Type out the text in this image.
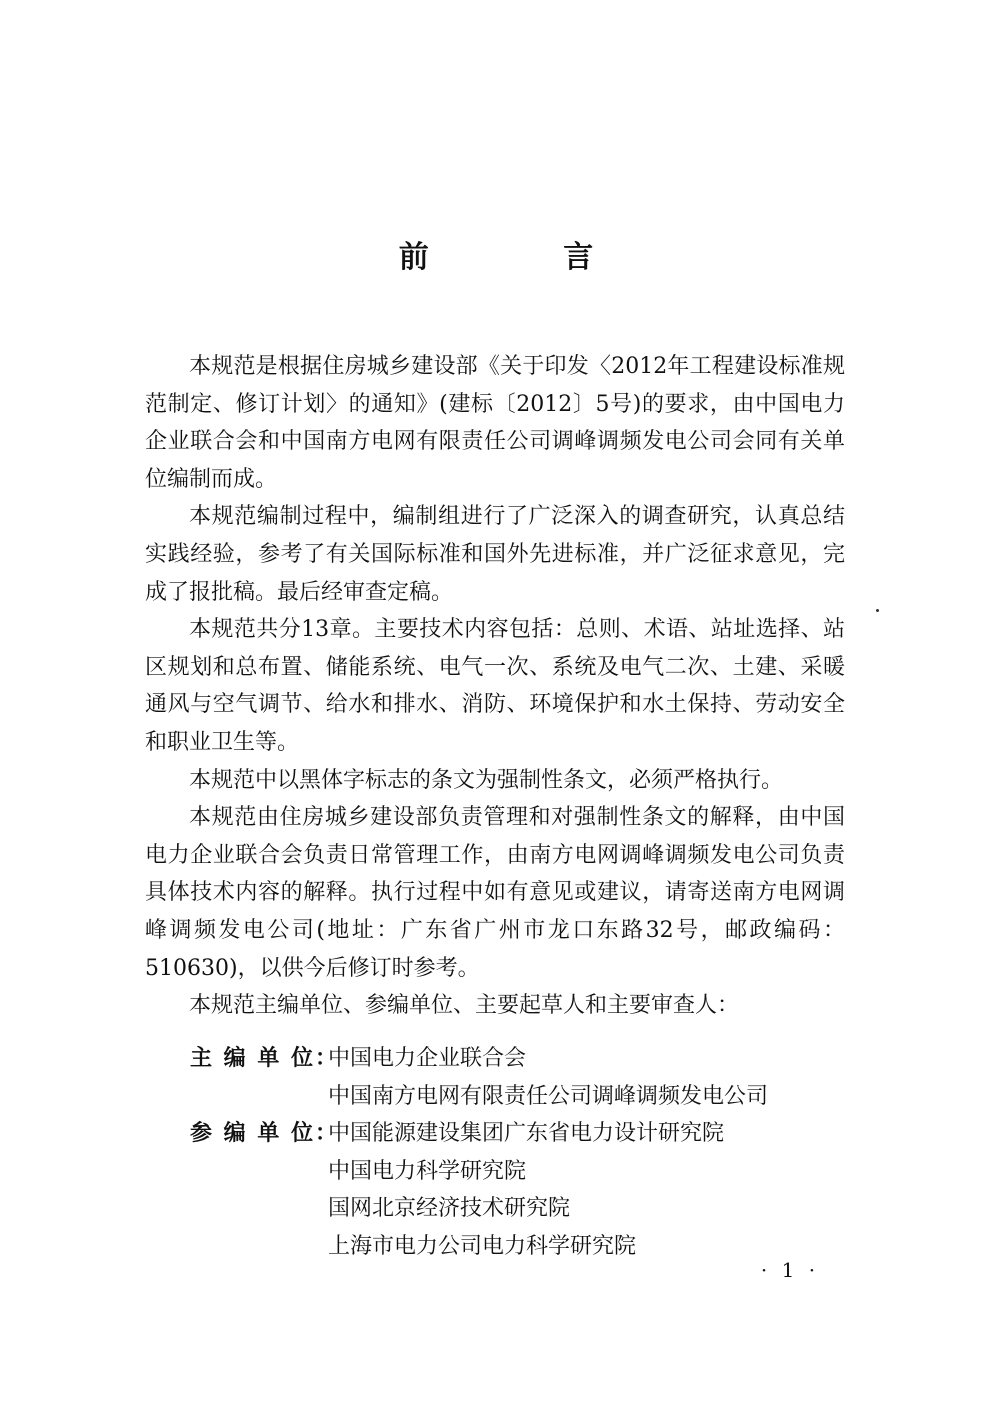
前 言

本规范是根据住房城乡建设部《关于印发〈2012年工程建设标准规范制定、修订计划〉的通知》(建标〔2012〕5号)的要求，由中国电力企业联合会和中国南方电网有限责任公司调峰调频发电公司会同有关单位编制而成。

本规范编制过程中，编制组进行了广泛深入的调查研究，认真总结实践经验，参考了有关国际标准和国外先进标准，并广泛征求意见，完成了报批稿。最后经审查定稿。

本规范共分13章。主要技术内容包括：总则、术语、站址选择、站区规划和总布置、储能系统、电气一次、系统及电气二次、土建、采暖通风与空气调节、给水和排水、消防、环境保护和水土保持、劳动安全和职业卫生等。

本规范中以黑体字标志的条文为强制性条文，必须严格执行。

本规范由住房城乡建设部负责管理和对强制性条文的解释，由中国电力企业联合会负责日常管理工作，由南方电网调峰调频发电公司负责具体技术内容的解释。执行过程中如有意见或建议，请寄送南方电网调峰调频发电公司(地址：广东省广州市龙口东路32号，邮政编码：510630)，以供今后修订时参考。

本规范主编单位、参编单位、主要起草人和主要审查人：

主 编 单 位：
中国电力企业联合会
中国南方电网有限责任公司调峰调频发电公司
参 编 单 位：
中国能源建设集团广东省电力设计研究院
中国电力科学研究院
国网北京经济技术研究院
上海市电力公司电力科学研究院
· 1 ·
